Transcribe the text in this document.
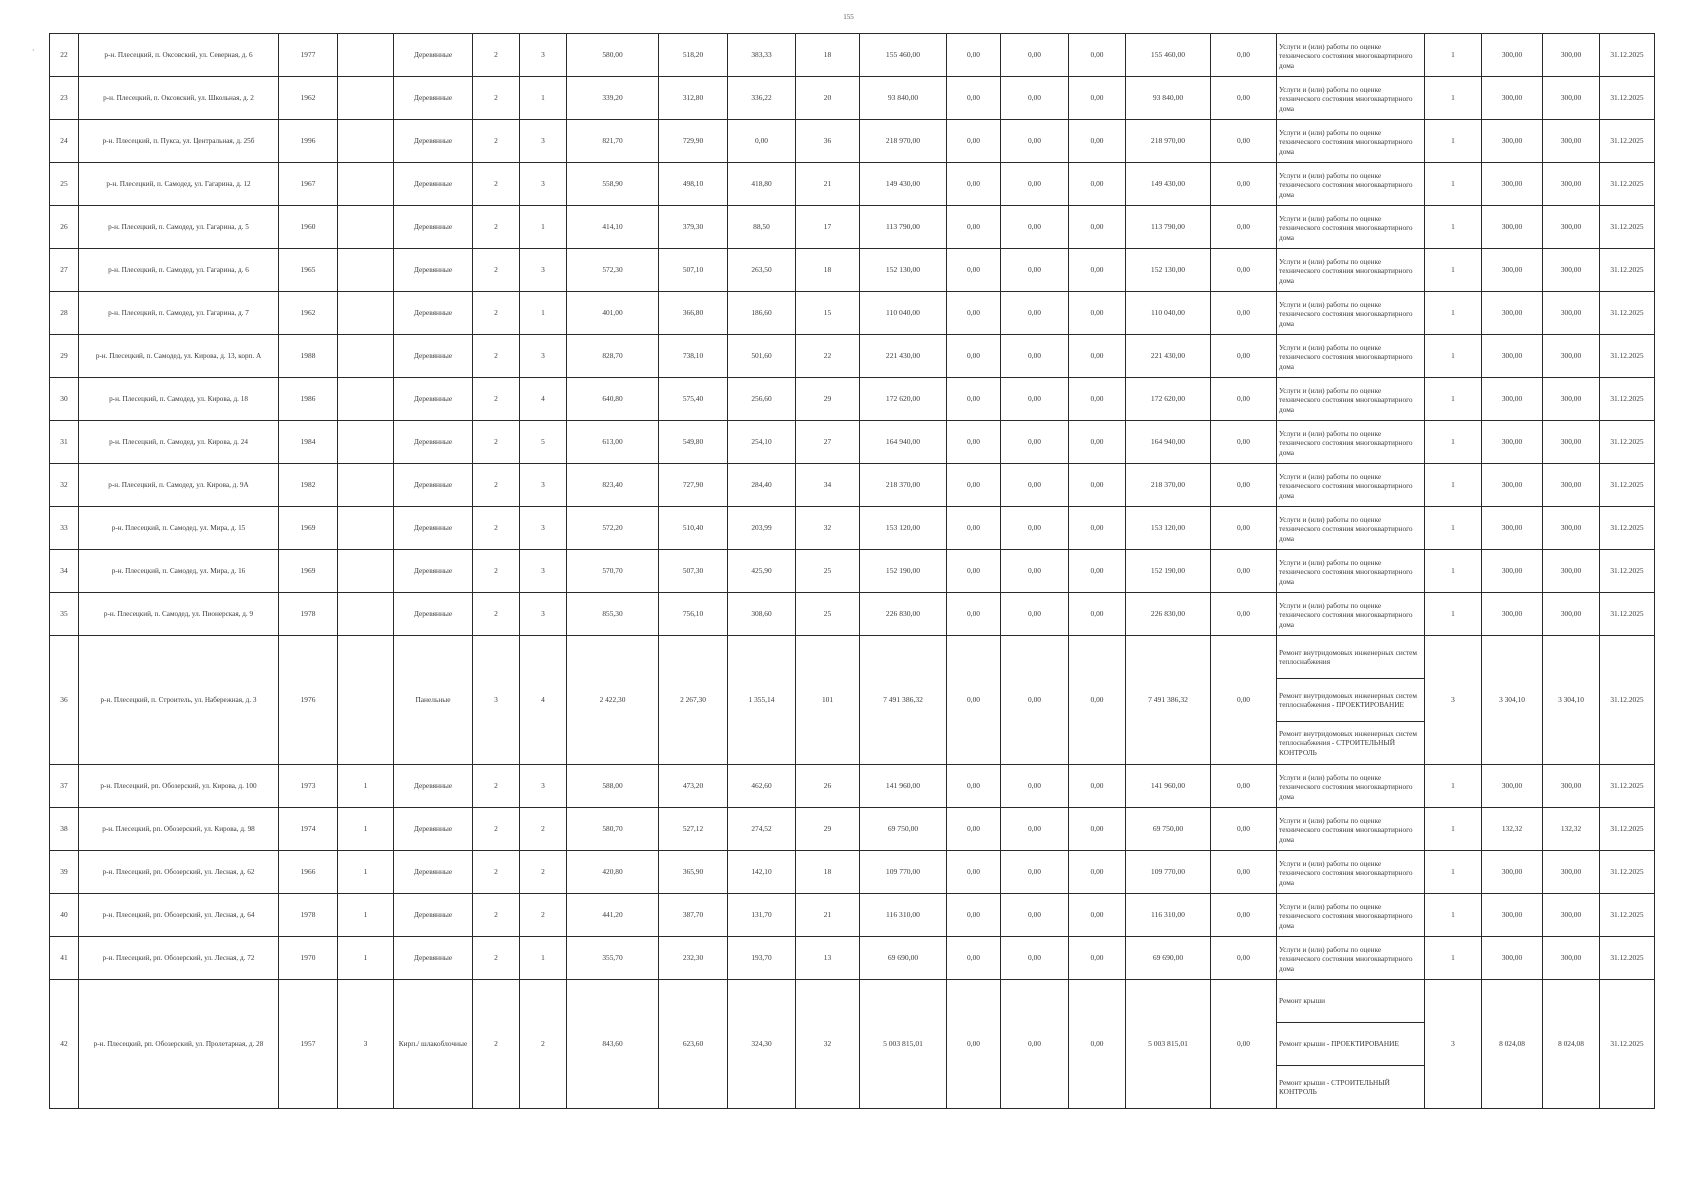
155
·	22	р-н. Плесецкий, п. Оксовский, ул. Северная, д. 6	1977		Деревянные	2	3	580,00	518,20	383,33	18	155 460,00	0,00	0,00	0,00	155 460,00	0,00	Услуги и (или) работы по оценке технического состояния многоквартирного дома	1	300,00	300,00	31.12.2025
23	р-н. Плесецкий, п. Оксовский, ул. Школьная, д. 2	1962		Деревянные	2	1	339,20	312,80	336,22	20	93 840,00	0,00	0,00	0,00	93 840,00	0,00	Услуги и (или) работы по оценке технического состояния многоквартирного дома	1	300,00	300,00	31.12.2025
24	р-н. Плесецкий, п. Пуксa, ул. Центральная, д. 25б	1996		Деревянные	2	3	821,70	729,90	0,00	36	218 970,00	0,00	0,00	0,00	218 970,00	0,00	Услуги и (или) работы по оценке технического состояния многоквартирного дома	1	300,00	300,00	31.12.2025
25	р-н. Плесецкий, п. Самодед, ул. Гагарина, д. 12	1967		Деревянные	2	3	558,90	498,10	418,80	21	149 430,00	0,00	0,00	0,00	149 430,00	0,00	Услуги и (или) работы по оценке технического состояния многоквартирного дома	1	300,00	300,00	31.12.2025
26	р-н. Плесецкий, п. Самодед, ул. Гагарина, д. 5	1960		Деревянные	2	1	414,10	379,30	88,50	17	113 790,00	0,00	0,00	0,00	113 790,00	0,00	Услуги и (или) работы по оценке технического состояния многоквартирного дома	1	300,00	300,00	31.12.2025
27	р-н. Плесецкий, п. Самодед, ул. Гагарина, д. 6	1965		Деревянные	2	3	572,30	507,10	263,50	18	152 130,00	0,00	0,00	0,00	152 130,00	0,00	Услуги и (или) работы по оценке технического состояния многоквартирного дома	1	300,00	300,00	31.12.2025
28	р-н. Плесецкий, п. Самодед, ул. Гагарина, д. 7	1962		Деревянные	2	1	401,00	366,80	186,60	15	110 040,00	0,00	0,00	0,00	110 040,00	0,00	Услуги и (или) работы по оценке технического состояния многоквартирного дома	1	300,00	300,00	31.12.2025
29	р-н. Плесецкий, п. Самодед, ул. Кирова, д. 13, корп. А	1988		Деревянные	2	3	828,70	738,10	501,60	22	221 430,00	0,00	0,00	0,00	221 430,00	0,00	Услуги и (или) работы по оценке технического состояния многоквартирного дома	1	300,00	300,00	31.12.2025
30	р-н. Плесецкий, п. Самодед, ул. Кирова, д. 18	1986		Деревянные	2	4	640,80	575,40	256,60	29	172 620,00	0,00	0,00	0,00	172 620,00	0,00	Услуги и (или) работы по оценке технического состояния многоквартирного дома	1	300,00	300,00	31.12.2025
31	р-н. Плесецкий, п. Самодед, ул. Кирова, д. 24	1984		Деревянные	2	5	613,00	549,80	254,10	27	164 940,00	0,00	0,00	0,00	164 940,00	0,00	Услуги и (или) работы по оценке технического состояния многоквартирного дома	1	300,00	300,00	31.12.2025
32	р-н. Плесецкий, п. Самодед, ул. Кирова, д. 9А	1982		Деревянные	2	3	823,40	727,90	284,40	34	218 370,00	0,00	0,00	0,00	218 370,00	0,00	Услуги и (или) работы по оценке технического состояния многоквартирного дома	1	300,00	300,00	31.12.2025
33	р-н. Плесецкий, п. Самодед, ул. Мира, д. 15	1969		Деревянные	2	3	572,20	510,40	203,99	32	153 120,00	0,00	0,00	0,00	153 120,00	0,00	Услуги и (или) работы по оценке технического состояния многоквартирного дома	1	300,00	300,00	31.12.2025
34	р-н. Плесецкий, п. Самодед, ул. Мира, д. 16	1969		Деревянные	2	3	570,70	507,30	425,90	25	152 190,00	0,00	0,00	0,00	152 190,00	0,00	Услуги и (или) работы по оценке технического состояния многоквартирного дома	1	300,00	300,00	31.12.2025
35	р-н. Плесецкий, п. Самодед, ул. Пионерская, д. 9	1978		Деревянные	2	3	855,30	756,10	308,60	25	226 830,00	0,00	0,00	0,00	226 830,00	0,00	Услуги и (или) работы по оценке технического состояния многоквартирного дома	1	300,00	300,00	31.12.2025
36	р-н. Плесецкий, п. Строитель, ул. Набережная, д. 3	1976		Панельные	3	4	2 422,30	2 267,30	1 355,14	101	7 491 386,32	0,00	0,00	0,00	7 491 386,32	0,00	Ремонт внутридомовых инженерных систем теплоснабжения
Ремонт внутридомовых инженерных систем теплоснабжения - ПРОЕКТИРОВАНИЕ
Ремонт внутридомовых инженерных систем теплоснабжения - СТРОИТЕЛЬНЫЙ КОНТРОЛЬ	3	3 304,10	3 304,10	31.12.2025
37	р-н. Плесецкий, рп. Обозерский, ул. Кирова, д. 100	1973	1	Деревянные	2	3	588,00	473,20	462,60	26	141 960,00	0,00	0,00	0,00	141 960,00	0,00	Услуги и (или) работы по оценке технического состояния многоквартирного дома	1	300,00	300,00	31.12.2025
38	р-н. Плесецкий, рп. Обозерский, ул. Кирова, д. 98	1974	1	Деревянные	2	2	580,70	527,12	274,52	29	69 750,00	0,00	0,00	0,00	69 750,00	0,00	Услуги и (или) работы по оценке технического состояния многоквартирного дома	1	132,32	132,32	31.12.2025
39	р-н. Плесецкий, рп. Обозерский, ул. Лесная, д. 62	1966	1	Деревянные	2	2	420,80	365,90	142,10	18	109 770,00	0,00	0,00	0,00	109 770,00	0,00	Услуги и (или) работы по оценке технического состояния многоквартирного дома	1	300,00	300,00	31.12.2025
40	р-н. Плесецкий, рп. Обозерский, ул. Лесная, д. 64	1978	1	Деревянные	2	2	441,20	387,70	131,70	21	116 310,00	0,00	0,00	0,00	116 310,00	0,00	Услуги и (или) работы по оценке технического состояния многоквартирного дома	1	300,00	300,00	31.12.2025
41	р-н. Плесецкий, рп. Обозерский, ул. Лесная, д. 72	1970	1	Деревянные	2	1	355,70	232,30	193,70	13	69 690,00	0,00	0,00	0,00	69 690,00	0,00	Услуги и (или) работы по оценке технического состояния многоквартирного дома	1	300,00	300,00	31.12.2025
42	р-н. Плесецкий, рп. Обозерский, ул. Пролетарная, д. 28	1957	3	Кирп./ шлакоблочные	2	2	843,60	623,60	324,30	32	5 003 815,01	0,00	0,00	0,00	5 003 815,01	0,00	Ремонт крыши
Ремонт крыши - ПРОЕКТИРОВАНИЕ
Ремонт крыши - СТРОИТЕЛЬНЫЙ КОНТРОЛЬ	3	8 024,08	8 024,08	31.12.2025
